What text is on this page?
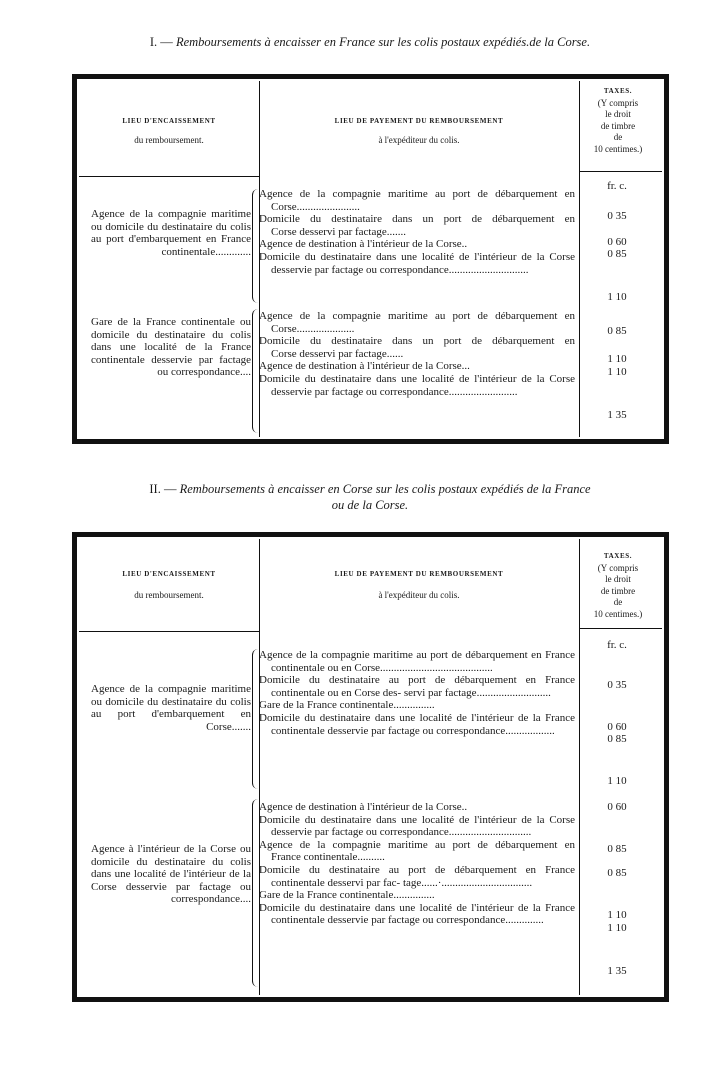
I. — Remboursements à encaisser en France sur les colis postaux expédiés.de la Corse.
LIEU D'ENCAISSEMENT
du remboursement.
LIEU DE PAYEMENT DU REMBOURSEMENT
à l'expéditeur du colis.
TAXES.
(Y compris
le droit
de timbre
de
10 centimes.)
fr. c.
Agence de la compagnie maritime ou domicile du destinataire du colis au port d'embarquement en France continentale.............

Agence de la compagnie maritime au port de débarquement en Corse.......................

Domicile du destinataire dans un port de débarquement en Corse desservi par factage.......

Agence de destination à l'intérieur de la Corse..

Domicile du destinataire dans une localité de l'intérieur de la Corse desservie par factage ou correspondance.............................

0 35
0 60
0 85
1 10
Gare de la France continentale ou domicile du destinataire du colis dans une localité de la France continentale desservie par factage ou correspondance....

Agence de la compagnie maritime au port de débarquement en Corse.....................

Domicile du destinataire dans un port de débarquement en Corse desservi par factage......

Agence de destination à l'intérieur de la Corse...

Domicile du destinataire dans une localité de l'intérieur de la Corse desservie par factage ou correspondance.........................

0 85
1 10
1 10
1 35
II. — Remboursements à encaisser en Corse sur les colis postaux expédiés de la France
ou de la Corse.
LIEU D'ENCAISSEMENT
du remboursement.
LIEU DE PAYEMENT DU REMBOURSEMENT
à l'expéditeur du colis.
TAXES.
(Y compris
le droit
de timbre
de
10 centimes.)
fr. c.
Agence de la compagnie maritime ou domicile du destinataire du colis au port d'embarquement en Corse.......

Agence de la compagnie maritime au port de débarquement en France continentale ou en Corse.........................................

Domicile du destinataire au port de débarquement en France continentale ou en Corse des- servi par factage...........................

Gare de la France continentale...............

Domicile du destinataire dans une localité de l'intérieur de la France continentale desservie par factage ou correspondance..................

0 35
0 60
0 85
1 10
Agence à l'intérieur de la Corse ou domicile du destinataire du colis dans une localité de l'intérieur de la Corse desservie par factage ou correspondance....

Agence de destination à l'intérieur de la Corse..

Domicile du destinataire dans une localité de l'intérieur de la Corse desservie par factage ou correspondance..............................

Agence de la compagnie maritime au port de débarquement en France continentale..........

Domicile du destinataire au port de débarquement en France continentale desservi par fac- tage......·.................................

Gare de la France continentale...............

Domicile du destinataire dans une localité de l'intérieur de la France continentale desservie par factage ou correspondance..............

0 60
0 85
0 85
1 10
1 10
1 35
